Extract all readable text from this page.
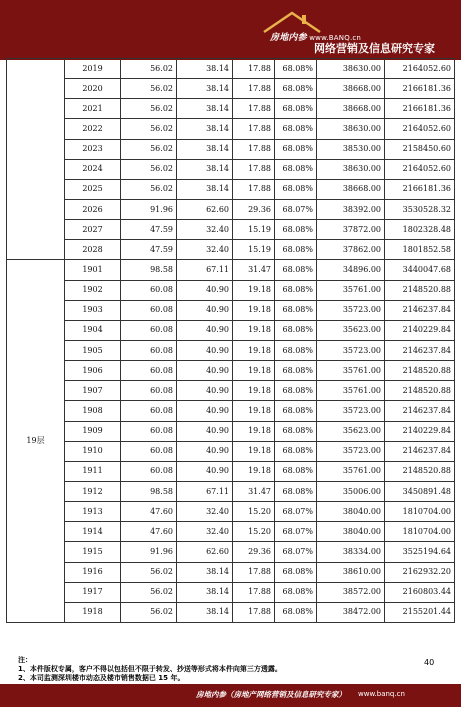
房地内参 www.BANQ.cn
网络营销及信息研究专家
	2019	56.02	38.14	17.88	68.08%	38630.00	2164052.60
	2020	56.02	38.14	17.88	68.08%	38668.00	2166181.36
	2021	56.02	38.14	17.88	68.08%	38668.00	2166181.36
	2022	56.02	38.14	17.88	68.08%	38630.00	2164052.60
	2023	56.02	38.14	17.88	68.08%	38530.00	2158450.60
	2024	56.02	38.14	17.88	68.08%	38630.00	2164052.60
	2025	56.02	38.14	17.88	68.08%	38668.00	2166181.36
	2026	91.96	62.60	29.36	68.07%	38392.00	3530528.32
	2027	47.59	32.40	15.19	68.08%	37872.00	1802328.48
	2028	47.59	32.40	15.19	68.08%	37862.00	1801852.58
19层	1901	98.58	67.11	31.47	68.08%	34896.00	3440047.68
	1902	60.08	40.90	19.18	68.08%	35761.00	2148520.88
	1903	60.08	40.90	19.18	68.08%	35723.00	2146237.84
	1904	60.08	40.90	19.18	68.08%	35623.00	2140229.84
	1905	60.08	40.90	19.18	68.08%	35723.00	2146237.84
	1906	60.08	40.90	19.18	68.08%	35761.00	2148520.88
	1907	60.08	40.90	19.18	68.08%	35761.00	2148520.88
	1908	60.08	40.90	19.18	68.08%	35723.00	2146237.84
	1909	60.08	40.90	19.18	68.08%	35623.00	2140229.84
	1910	60.08	40.90	19.18	68.08%	35723.00	2146237.84
	1911	60.08	40.90	19.18	68.08%	35761.00	2148520.88
	1912	98.58	67.11	31.47	68.08%	35006.00	3450891.48
	1913	47.60	32.40	15.20	68.07%	38040.00	1810704.00
	1914	47.60	32.40	15.20	68.07%	38040.00	1810704.00
	1915	91.96	62.60	29.36	68.07%	38334.00	3525194.64
	1916	56.02	38.14	17.88	68.08%	38610.00	2162932.20
	1917	56.02	38.14	17.88	68.08%	38572.00	2160803.44
	1918	56.02	38.14	17.88	68.08%	38472.00	2155201.44
注：
1、本件版权专属，客户不得以包括但不限于转发、抄送等形式将本件向第三方透露。
2、本司监测深圳楼市动态及楼市销售数据已 15 年。
40
房地内参（房地产网络营销及信息研究专家） www.banq.cn
